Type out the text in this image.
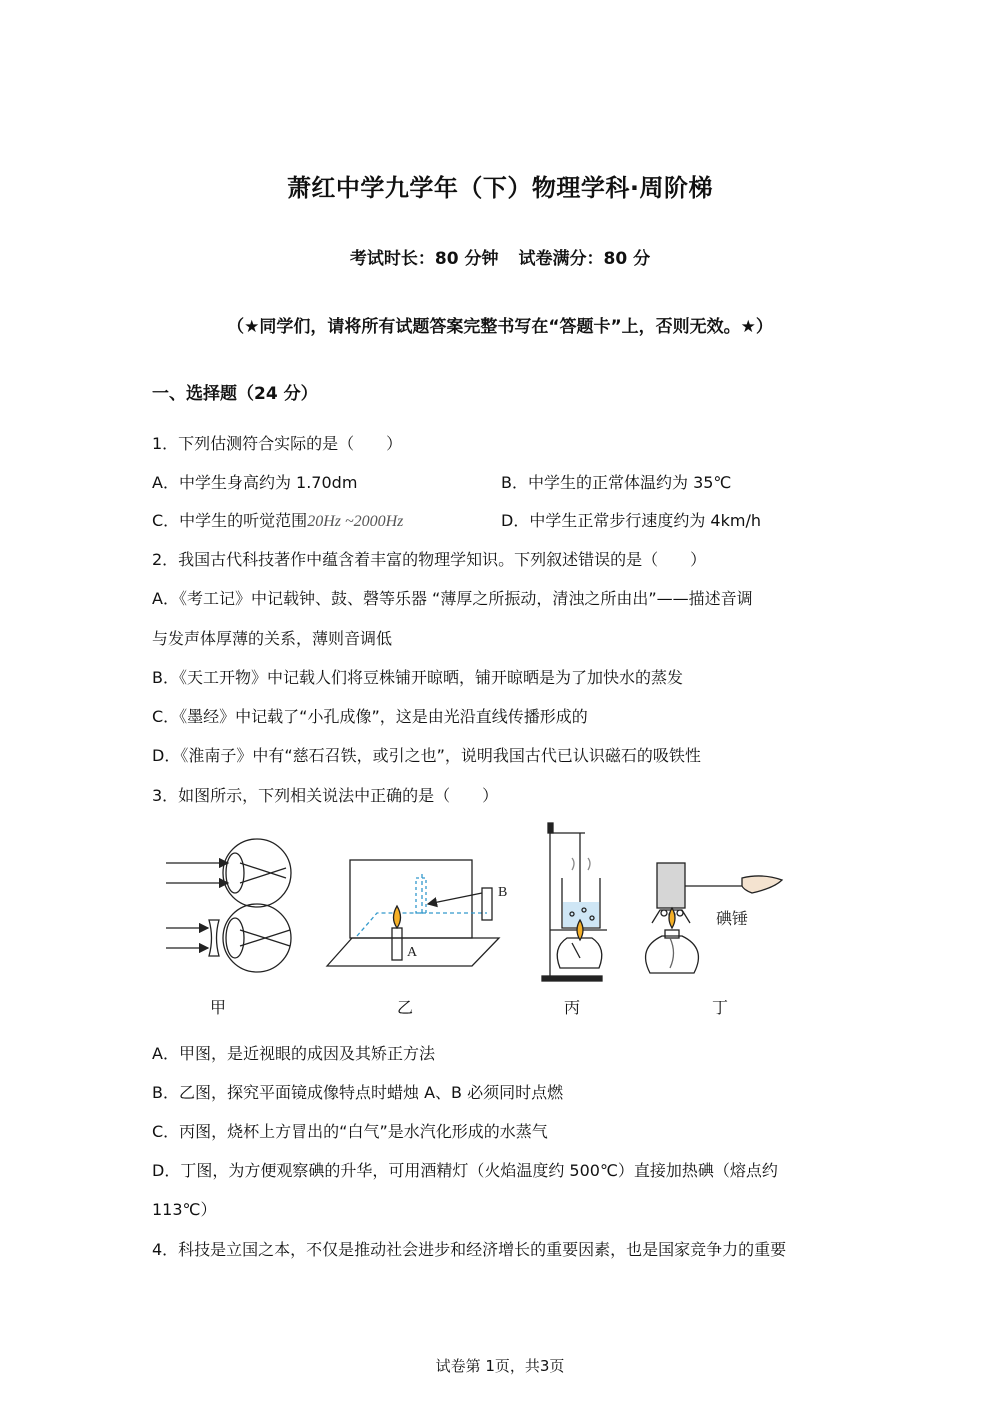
萧红中学九学年（下）物理学科·周阶梯
考试时长：80 分钟 试卷满分：80 分
（★同学们，请将所有试题答案完整书写在“答题卡”上，否则无效。★）
一、选择题（24 分）
1．下列估测符合实际的是（　　）
A．中学生身高约为 1.70dm	B．中学生的正常体温约为 35℃
C．中学生的听觉范围20Hz ~2000Hz	D．中学生正常步行速度约为 4km/h
2．我国古代科技著作中蕴含着丰富的物理学知识。下列叙述错误的是（　　）
A．《考工记》中记载钟、鼓、磬等乐器 “薄厚之所振动，清浊之所由出”——描述音调
与发声体厚薄的关系，薄则音调低
B．《天工开物》中记载人们将豆株铺开晾晒，铺开晾晒是为了加快水的蒸发
C．《墨经》中记载了“小孔成像”，这是由光沿直线传播形成的
D．《淮南子》中有“慈石召铁，或引之也”，说明我国古代已认识磁石的吸铁性
3．如图所示，下列相关说法中正确的是（　　）
A
B
碘锤
甲	乙	丙	丁
A．甲图，是近视眼的成因及其矫正方法
B．乙图，探究平面镜成像特点时蜡烛 A、B 必须同时点燃
C．丙图，烧杯上方冒出的“白气”是水汽化形成的水蒸气
D．丁图，为方便观察碘的升华，可用酒精灯（火焰温度约 500℃）直接加热碘（熔点约
113℃）
4．科技是立国之本，不仅是推动社会进步和经济增长的重要因素，也是国家竞争力的重要
试卷第 1页，共3页
